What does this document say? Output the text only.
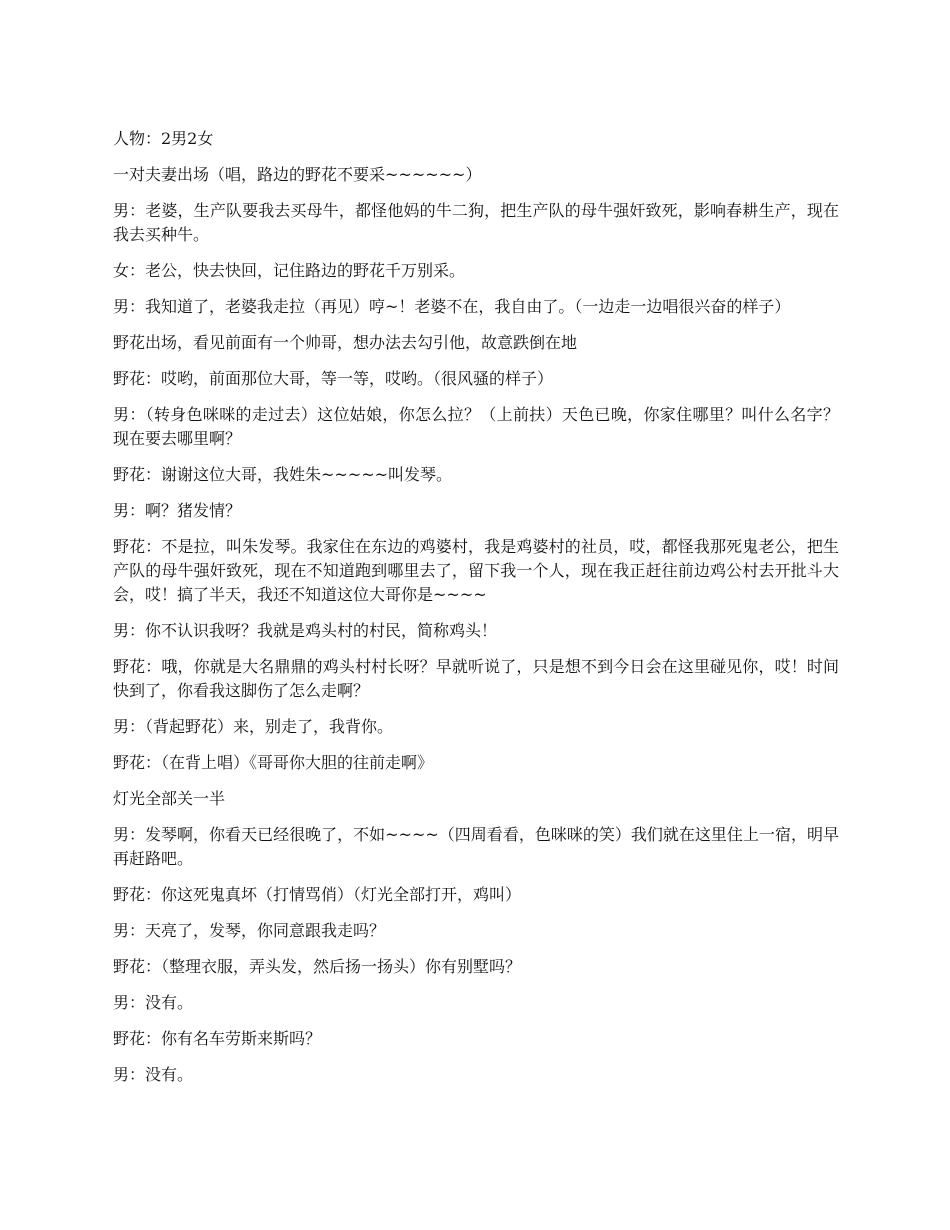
人物：2男2女

一对夫妻出场（唱，路边的野花不要采~~~~~~）

男：老婆，生产队要我去买母牛，都怪他妈的牛二狗，把生产队的母牛强奸致死，影响春耕生产，现在我去买种牛。

女：老公，快去快回，记住路边的野花千万别采。

男：我知道了，老婆我走拉（再见）哼~！老婆不在，我自由了。（一边走一边唱很兴奋的样子）

野花出场，看见前面有一个帅哥，想办法去勾引他，故意跌倒在地

野花：哎哟，前面那位大哥，等一等，哎哟。（很风骚的样子）

男：（转身色咪咪的走过去）这位姑娘，你怎么拉？（上前扶）天色已晚，你家住哪里？叫什么名字？现在要去哪里啊？

野花：谢谢这位大哥，我姓朱~~~~~叫发琴。

男：啊？猪发情？

野花：不是拉，叫朱发琴。我家住在东边的鸡婆村，我是鸡婆村的社员，哎，都怪我那死鬼老公，把生产队的母牛强奸致死，现在不知道跑到哪里去了，留下我一个人，现在我正赶往前边鸡公村去开批斗大会，哎！搞了半天，我还不知道这位大哥你是~~~~

男：你不认识我呀？我就是鸡头村的村民，简称鸡头！

野花：哦，你就是大名鼎鼎的鸡头村村长呀？早就听说了，只是想不到今日会在这里碰见你，哎！时间快到了，你看我这脚伤了怎么走啊？

男：（背起野花）来，别走了，我背你。

野花：（在背上唱）《哥哥你大胆的往前走啊》

灯光全部关一半

男：发琴啊，你看天已经很晚了，不如~~~~（四周看看，色咪咪的笑）我们就在这里住上一宿，明早再赶路吧。

野花：你这死鬼真坏（打情骂俏）（灯光全部打开，鸡叫）

男：天亮了，发琴，你同意跟我走吗？

野花：（整理衣服，弄头发，然后扬一扬头）你有别墅吗？

男：没有。

野花：你有名车劳斯来斯吗？

男：没有。
